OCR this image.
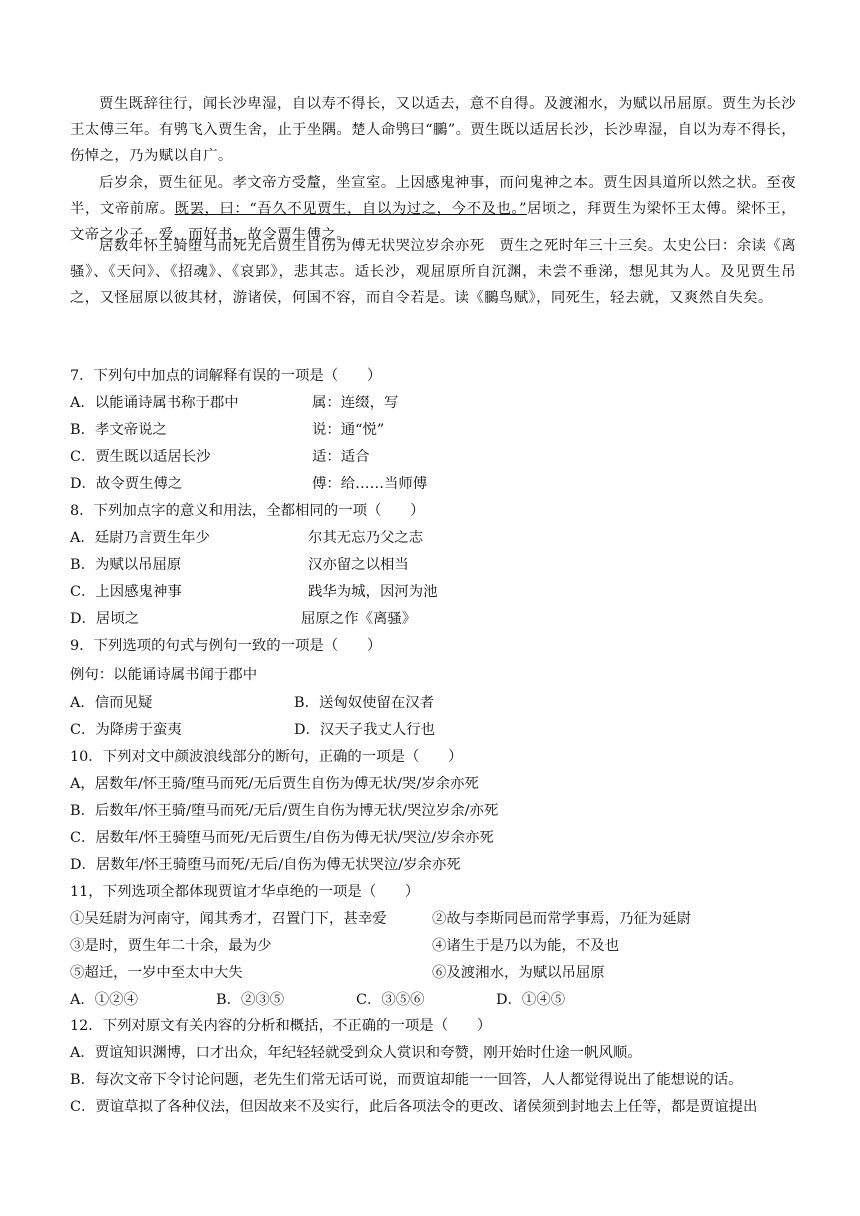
贾生既辞往行，闻长沙卑湿，自以寿不得长，又以适去，意不自得。及渡湘水，为赋以吊屈原。贾生为长沙王太傅三年。有鸮飞入贾生舍，止于坐隅。楚人命鸮曰“鵩”。贾生既以适居长沙，长沙卑湿，自以为寿不得长，伤悼之，乃为赋以自广。

后岁余，贾生征见。孝文帝方受釐，坐宣室。上因感鬼神事，而问鬼神之本。贾生因具道所以然之状。至夜半，文帝前席。既罢，曰：“吾久不见贾生，自以为过之，今不及也。”居顷之，拜贾生为梁怀王太傅。梁怀王，文帝之少子，爱，而好书，故令贾生傅之。

居数年怀王骑堕马而死无后贾生自伤为傅无状哭泣岁余亦死　贾生之死时年三十三矣。太史公曰：余读《离骚》、《天问》、《招魂》、《哀郢》，悲其志。适长沙，观屈原所自沉渊，未尝不垂涕，想见其为人。及见贾生吊之，又怪屈原以彼其材，游诸侯，何国不容，而自令若是。读《鵩鸟赋》，同死生，轻去就，又爽然自失矣。

7．下列句中加点的词解释有误的一项是（　　）
A．以能诵诗属书称于郡中	属：连缀，写
B．孝文帝说之	说：通“悦”
C．贾生既以适居长沙	适：适合
D．故令贾生傅之	傅：给……当师傅
8．下列加点字的意义和用法，全都相同的一项（　　）
A．廷尉乃言贾生年少	尔其无忘乃父之志
B．为赋以吊屈原	汉亦留之以相当
C．上因感鬼神事	践华为城，因河为池
D．居顷之	屈原之作《离骚》
9．下列选项的句式与例句一致的一项是（　　）
例句：以能诵诗属书闻于郡中
A．信而见疑	B．送匈奴使留在汉者
C．为降虏于蛮夷	D．汉天子我丈人行也
10．下列对文中颜波浪线部分的断句，正确的一项是（　　）
A，居数年/怀王骑/堕马而死/无后贾生自伤为傅无状/哭/岁余亦死
B．后数年/怀王骑/堕马而死/无后/贾生自伤为博无状/哭泣岁余/亦死
C．居数年/怀王骑堕马而死/无后贾生/自伤为傅无状/哭泣/岁余亦死
D．居数年/怀王骑堕马而死/无后/自伤为傅无状哭泣/岁余亦死
11，下列选项全都体现贾谊才华卓绝的一项是（　　）
①吴廷尉为河南守，闻其秀才，召置门下，甚幸爱	②故与李斯同邑而常学事焉，乃征为延尉
③是时，贾生年二十余，最为少	④诸生于是乃以为能，不及也
⑤超迁，一岁中至太中大失	⑥及渡湘水，为赋以吊屈原
A．①②④	B．②③⑤	C．③⑤⑥	D．①④⑤
12．下列对原文有关内容的分析和概括，不正确的一项是（　　）
A．贾谊知识渊博，口才出众，年纪轻轻就受到众人赏识和夸赞，刚开始时仕途一帆风顺。
B．每次文帝下令讨论问题，老先生们常无话可说，而贾谊却能一一回答，人人都觉得说出了能想说的话。
C．贾谊草拟了各种仪法，但因故来不及实行，此后各项法令的更改、诸侯须到封地去上任等，都是贾谊提出
